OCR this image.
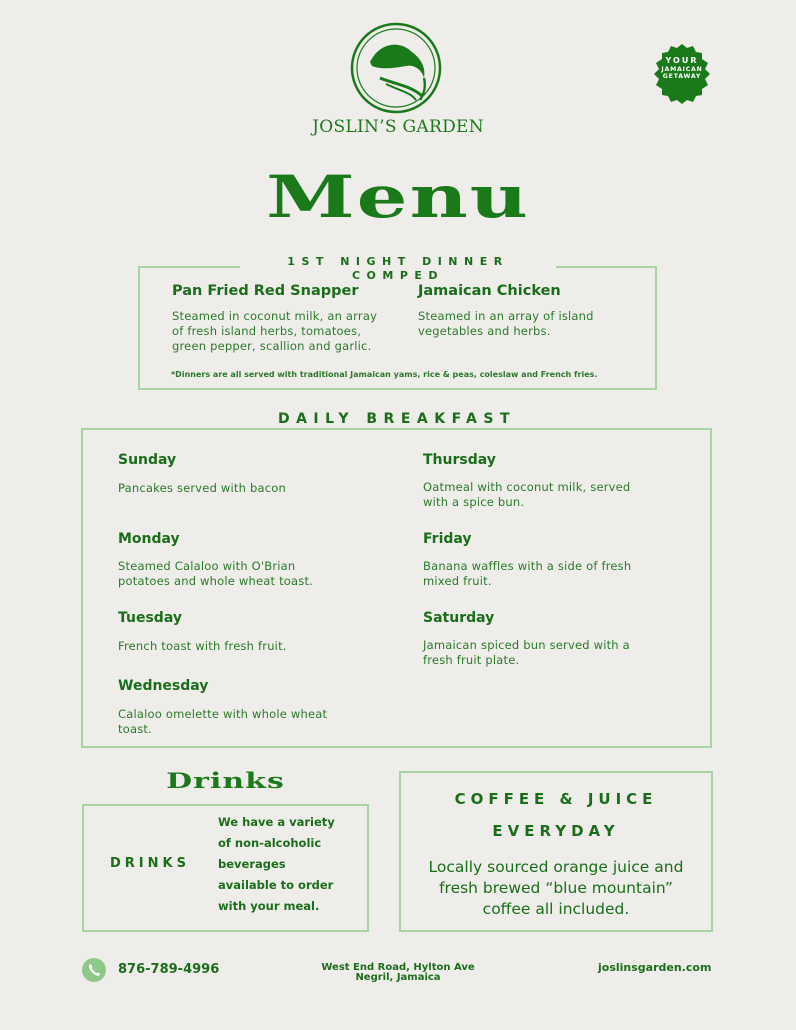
JOSLIN’S GARDEN
YOUR
JAMAICAN
GETAWAY
Menu
1ST NIGHT DINNER COMPED
Pan Fried Red Snapper
Steamed in coconut milk, an array
of fresh island herbs, tomatoes,
green pepper, scallion and garlic.
Jamaican Chicken
Steamed in an array of island
vegetables and herbs.
*Dinners are all served with traditional Jamaican yams, rice & peas, coleslaw and French fries.
DAILY BREAKFAST
Sunday
Pancakes served with bacon
Monday
Steamed Calaloo with O'Brian
potatoes and whole wheat toast.
Tuesday
French toast with fresh fruit.
Wednesday
Calaloo omelette with whole wheat
toast.
Thursday
Oatmeal with coconut milk, served
with a spice bun.
Friday
Banana waffles with a side of fresh
mixed fruit.
Saturday
Jamaican spiced bun served with a
fresh fruit plate.
Drinks
DRINKS
We have a variety
of non-alcoholic
beverages
available to order
with your meal.
COFFEE & JUICE
EVERYDAY
Locally sourced orange juice and
fresh brewed “blue mountain”
coffee all included.
876-789-4996	West End Road, Hylton Ave
Negril, Jamaica
joslinsgarden.com
